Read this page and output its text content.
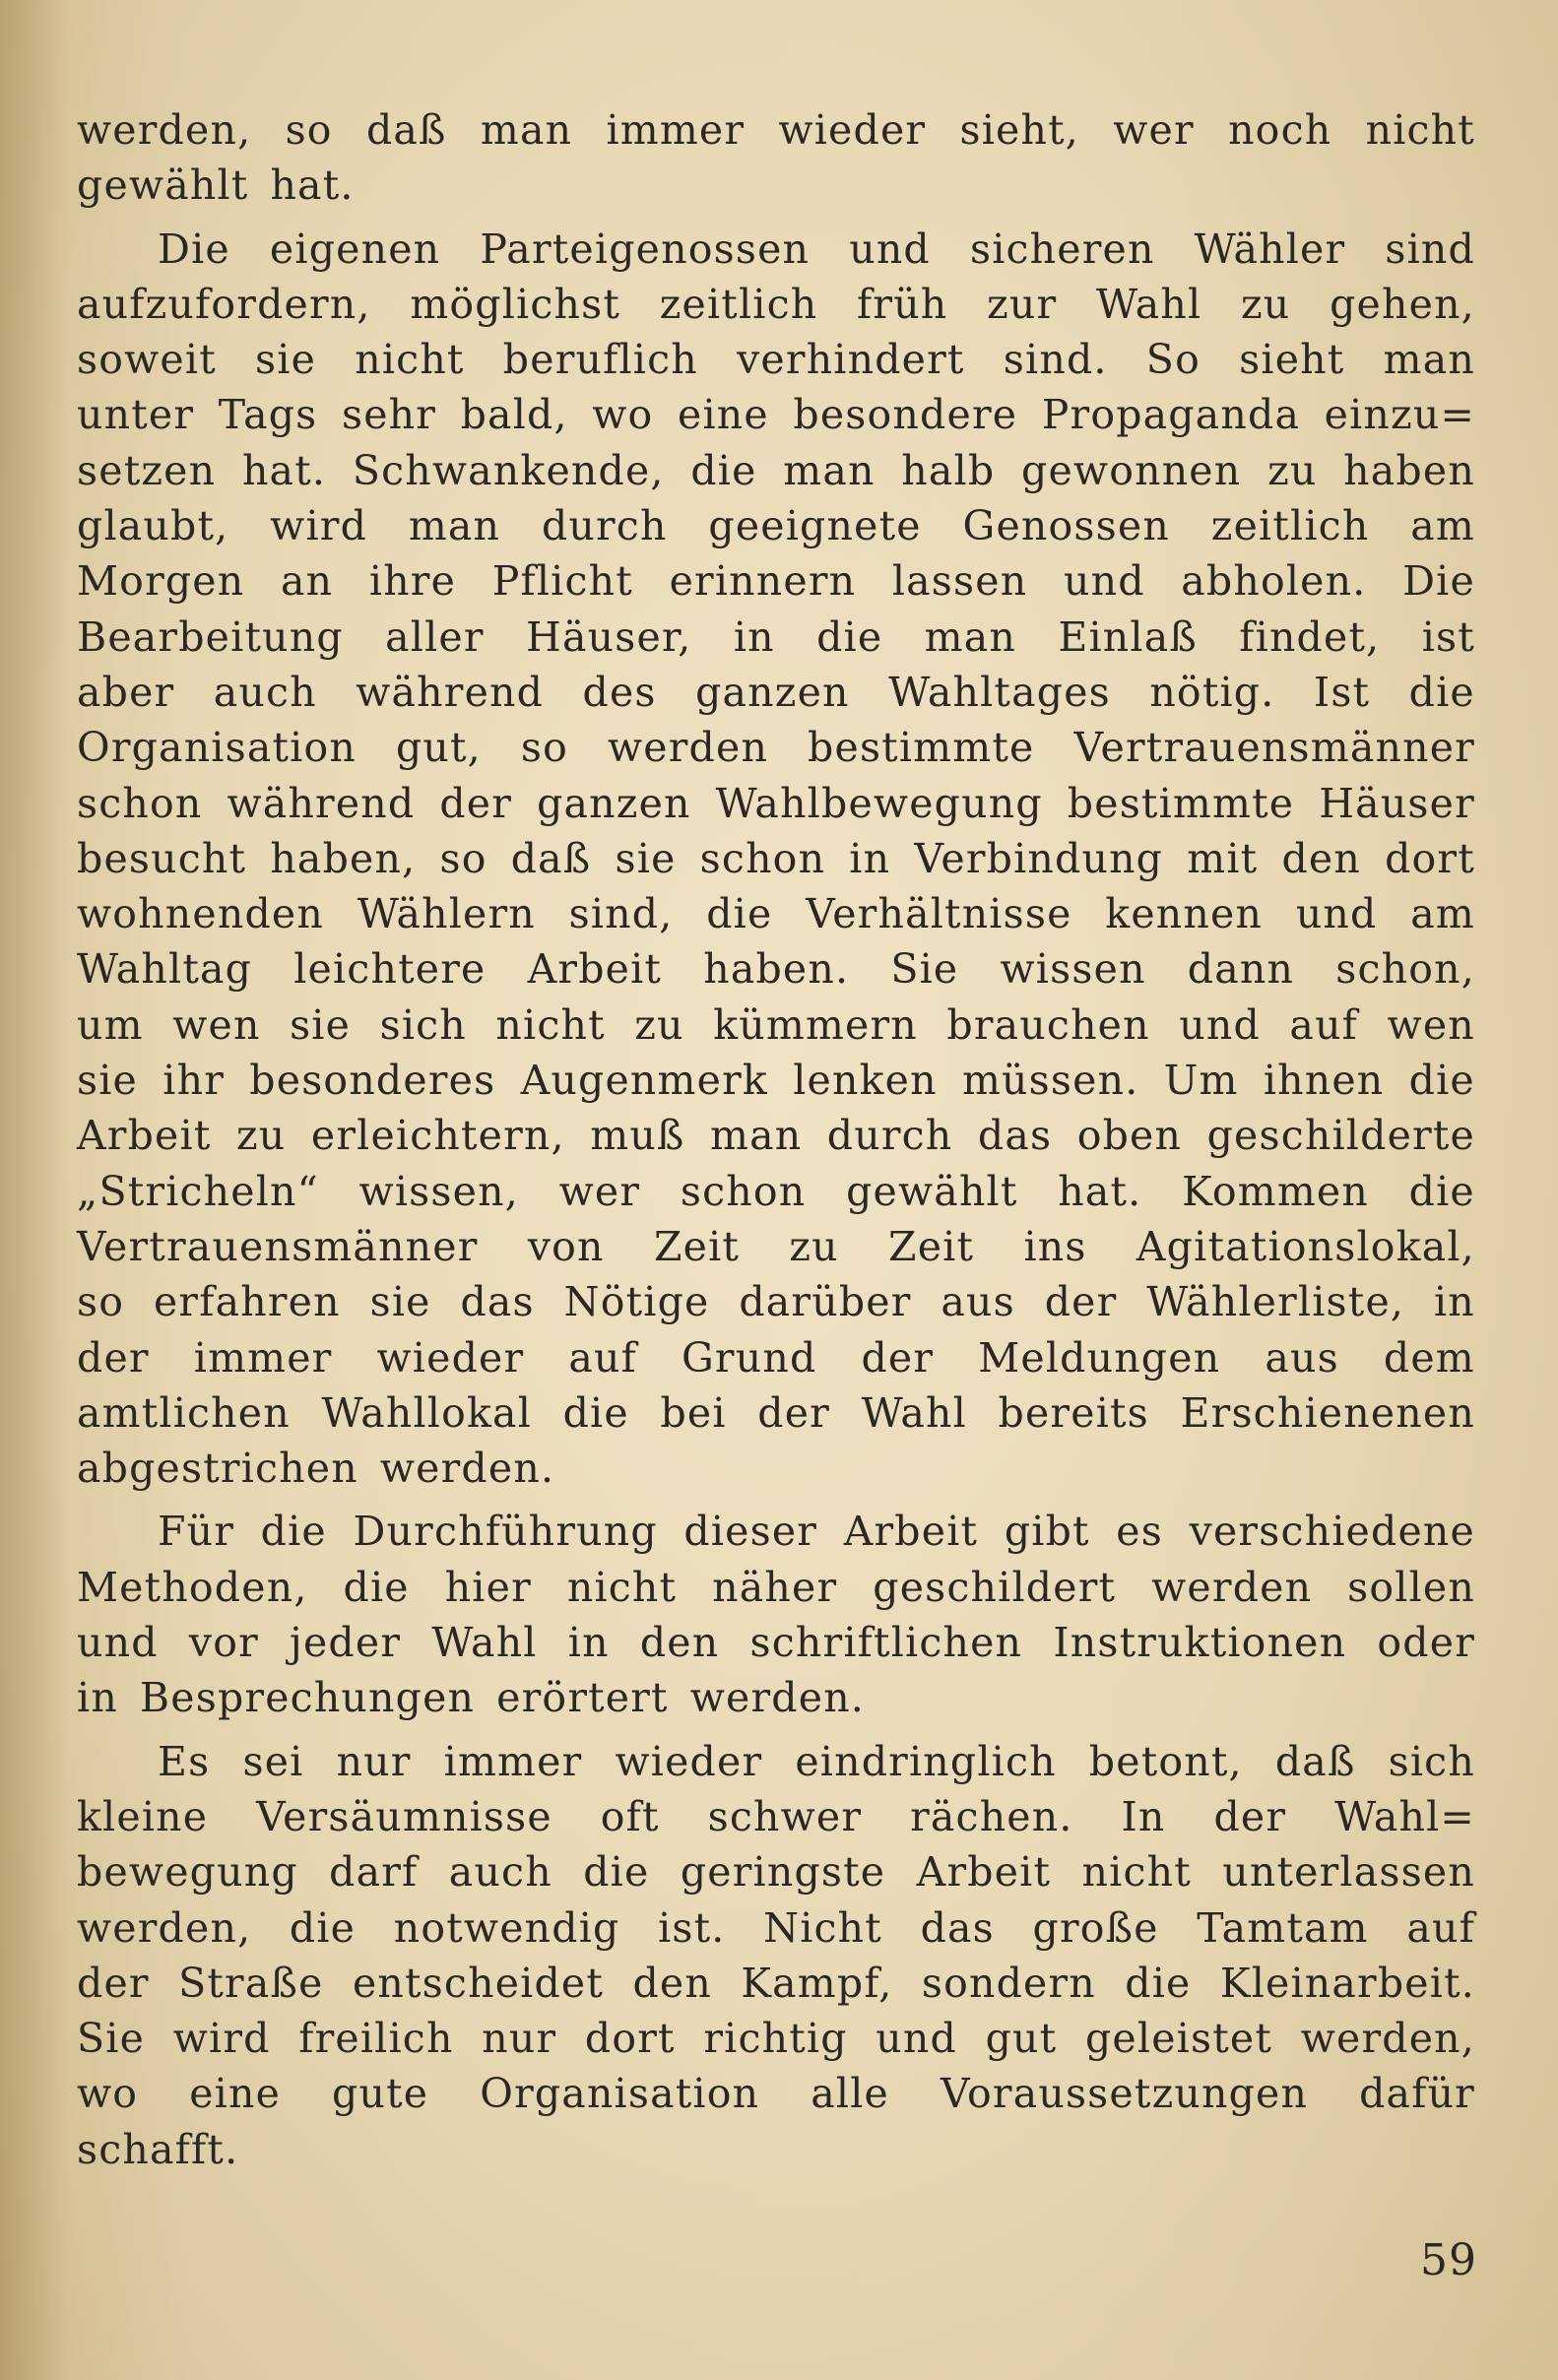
werden, so daß man immer wieder sieht, wer noch nicht
gewählt hat.
Die eigenen Parteigenossen und sicheren Wähler sind
aufzufordern, möglichst zeitlich früh zur Wahl zu gehen,
soweit sie nicht beruflich verhindert sind. So sieht man
unter Tags sehr bald, wo eine besondere Propaganda einzu=
setzen hat. Schwankende, die man halb gewonnen zu haben
glaubt, wird man durch geeignete Genossen zeitlich am
Morgen an ihre Pflicht erinnern lassen und abholen. Die
Bearbeitung aller Häuser, in die man Einlaß findet, ist
aber auch während des ganzen Wahltages nötig. Ist die
Organisation gut, so werden bestimmte Vertrauensmänner
schon während der ganzen Wahlbewegung bestimmte Häuser
besucht haben, so daß sie schon in Verbindung mit den dort
wohnenden Wählern sind, die Verhältnisse kennen und am
Wahltag leichtere Arbeit haben. Sie wissen dann schon,
um wen sie sich nicht zu kümmern brauchen und auf wen
sie ihr besonderes Augenmerk lenken müssen. Um ihnen die
Arbeit zu erleichtern, muß man durch das oben geschilderte
„Stricheln“ wissen, wer schon gewählt hat. Kommen die
Vertrauensmänner von Zeit zu Zeit ins Agitationslokal,
so erfahren sie das Nötige darüber aus der Wählerliste, in
der immer wieder auf Grund der Meldungen aus dem
amtlichen Wahllokal die bei der Wahl bereits Erschienenen
abgestrichen werden.
Für die Durchführung dieser Arbeit gibt es verschiedene
Methoden, die hier nicht näher geschildert werden sollen
und vor jeder Wahl in den schriftlichen Instruktionen oder
in Besprechungen erörtert werden.
Es sei nur immer wieder eindringlich betont, daß sich
kleine Versäumnisse oft schwer rächen. In der Wahl=
bewegung darf auch die geringste Arbeit nicht unterlassen
werden, die notwendig ist. Nicht das große Tamtam auf
der Straße entscheidet den Kampf, sondern die Kleinarbeit.
Sie wird freilich nur dort richtig und gut geleistet werden,
wo eine gute Organisation alle Voraussetzungen dafür
schafft.
59
